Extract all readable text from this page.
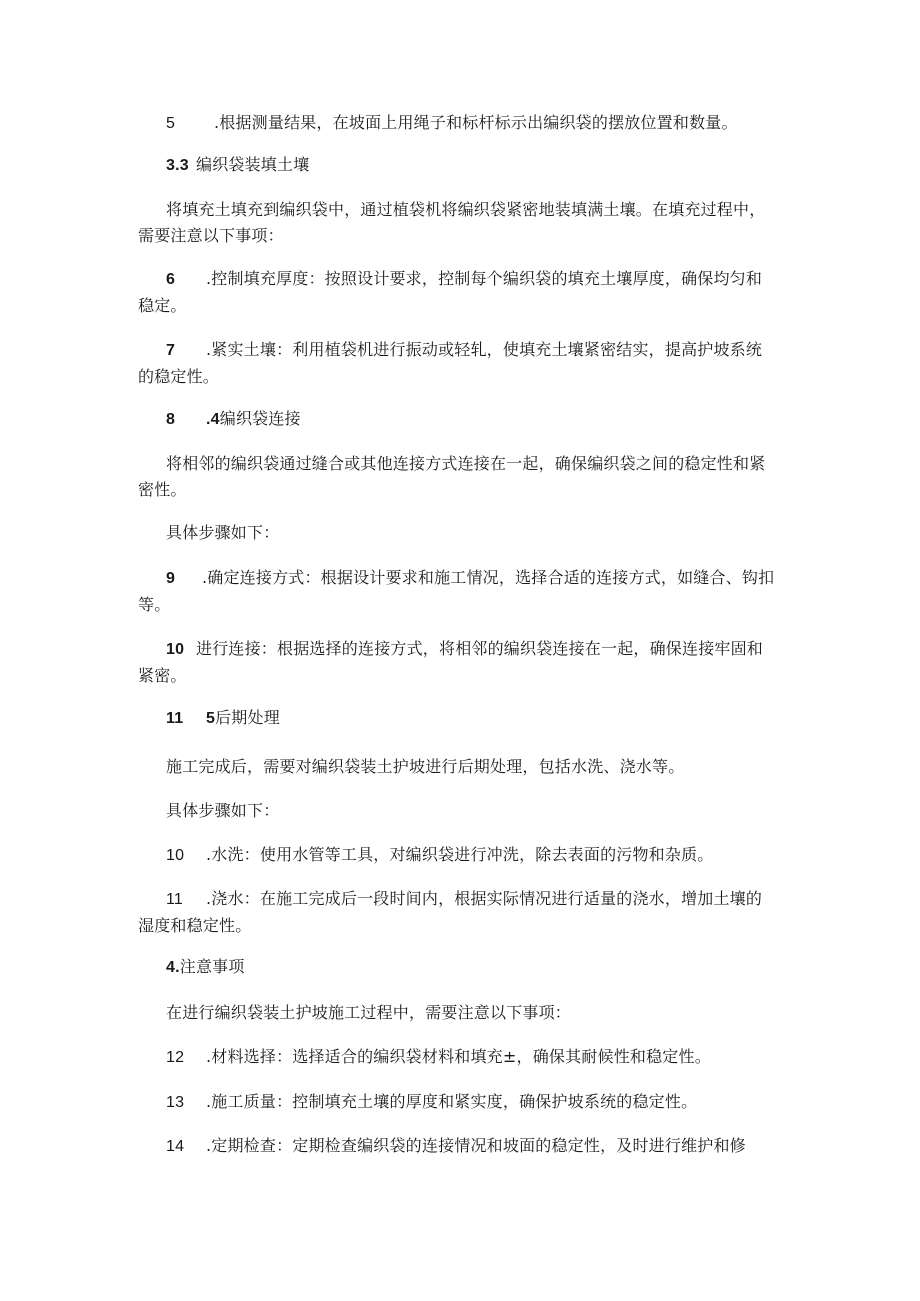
5 .根据测量结果，在坡面上用绳子和标杆标示出编织袋的摆放位置和数量。

3.3 编织袋装填土壤

将填充土填充到编织袋中，通过植袋机将编织袋紧密地装填满土壤。在填充过程中，需要注意以下事项：

6 .控制填充厚度：按照设计要求，控制每个编织袋的填充土壤厚度，确保均匀和稳定。

7 .紧实土壤：利用植袋机进行振动或轻轧，使填充土壤紧密结实，提高护坡系统的稳定性。

8 .4编织袋连接

将相邻的编织袋通过缝合或其他连接方式连接在一起，确保编织袋之间的稳定性和紧密性。

具体步骤如下：

9 .确定连接方式：根据设计要求和施工情况，选择合适的连接方式，如缝合、钩扣等。

10 进行连接：根据选择的连接方式，将相邻的编织袋连接在一起，确保连接牢固和紧密。

11 5后期处理

施工完成后，需要对编织袋装土护坡进行后期处理，包括水洗、浇水等。

具体步骤如下：

10 .水洗：使用水管等工具，对编织袋进行冲洗，除去表面的污物和杂质。

11 .浇水：在施工完成后一段时间内，根据实际情况进行适量的浇水，增加土壤的湿度和稳定性。

4.注意事项

在进行编织袋装土护坡施工过程中，需要注意以下事项：

12 .材料选择：选择适合的编织袋材料和填充±，确保其耐候性和稳定性。

13 .施工质量：控制填充土壤的厚度和紧实度，确保护坡系统的稳定性。

14 .定期检查：定期检查编织袋的连接情况和坡面的稳定性，及时进行维护和修
